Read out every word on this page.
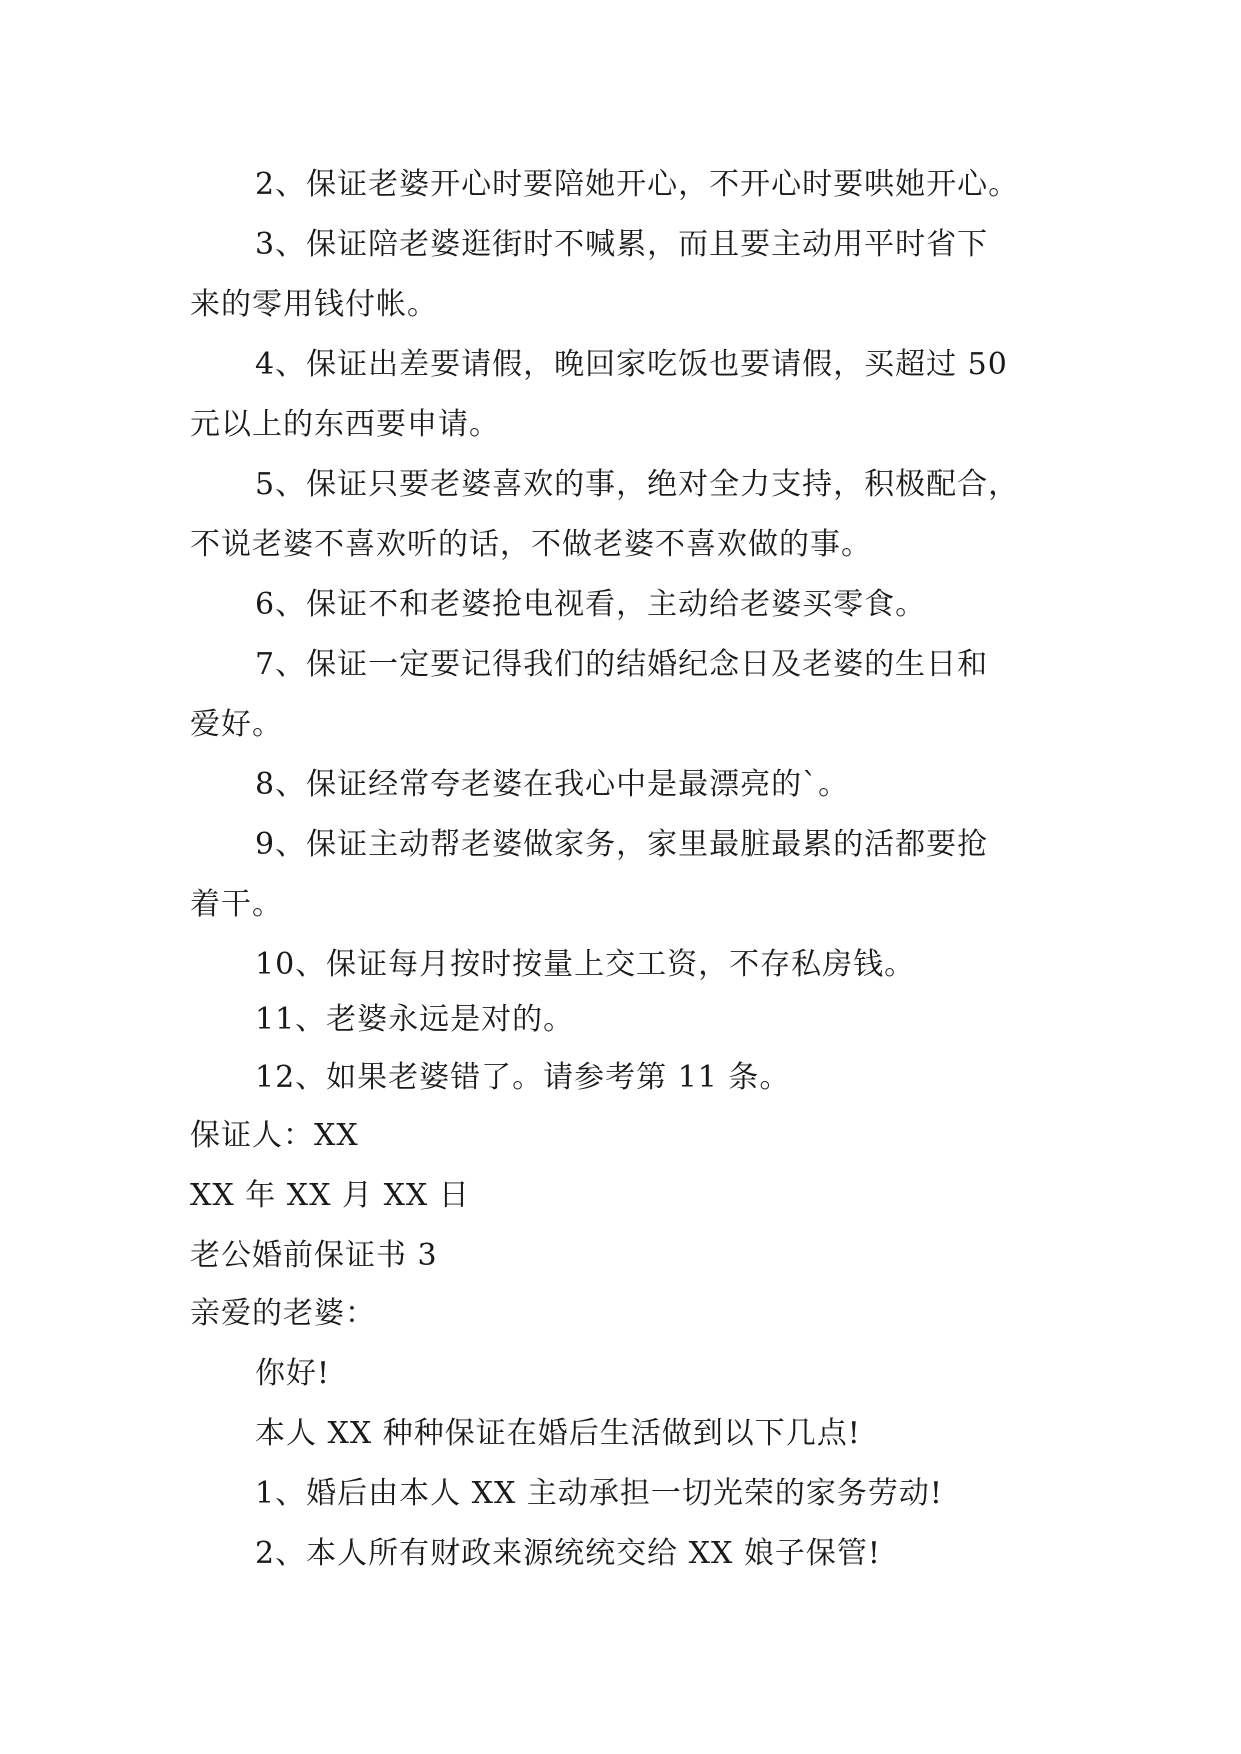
2、保证老婆开心时要陪她开心，不开心时要哄她开心。
3、保证陪老婆逛街时不喊累，而且要主动用平时省下
来的零用钱付帐。
4、保证出差要请假，晚回家吃饭也要请假，买超过 50
元以上的东西要申请。
5、保证只要老婆喜欢的事，绝对全力支持，积极配合，
不说老婆不喜欢听的话，不做老婆不喜欢做的事。
6、保证不和老婆抢电视看，主动给老婆买零食。
7、保证一定要记得我们的结婚纪念日及老婆的生日和
爱好。
8、保证经常夸老婆在我心中是最漂亮的`。
9、保证主动帮老婆做家务，家里最脏最累的活都要抢
着干。
10、保证每月按时按量上交工资，不存私房钱。
11、老婆永远是对的。
12、如果老婆错了。请参考第 11 条。
保证人：XX
XX 年 XX 月 XX 日
老公婚前保证书 3
亲爱的老婆：
你好!
本人 XX 种种保证在婚后生活做到以下几点!
1、婚后由本人 XX 主动承担一切光荣的家务劳动!
2、本人所有财政来源统统交给 XX 娘子保管!
